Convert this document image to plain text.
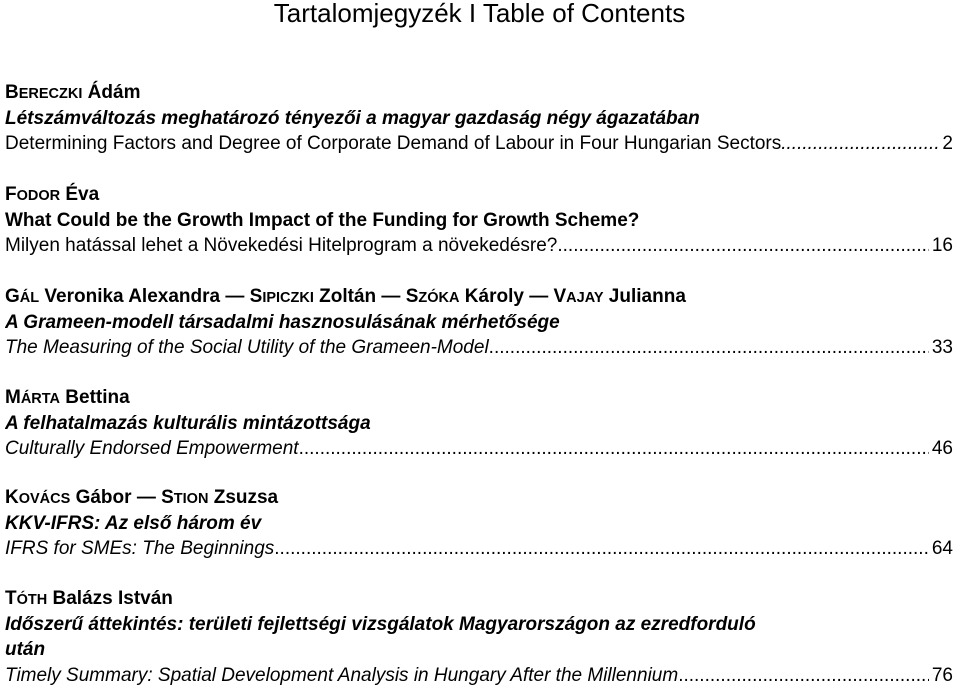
Tartalomjegyzék I Table of Contents
BERECZKI Ádám
Létszámváltozás meghatározó tényezői a magyar gazdaság négy ágazatában
Determining Factors and Degree of Corporate Demand of Labour in Four Hungarian Sectors .....	2
FODOR Éva
What Could be the Growth Impact of the Funding for Growth Scheme?
Milyen hatással lehet a Növekedési Hitelprogram a növekedésre? .....	16
GÁL Veronika Alexandra — SIPICZKI Zoltán — SZÓKA Károly — VAJAY Julianna
A Grameen-modell társadalmi hasznosulásának mérhetősége
The Measuring of the Social Utility of the Grameen-Model .....	33
MÁRTA Bettina
A felhatalmazás kulturális mintázottsága
Culturally Endorsed Empowerment .....	46
KOVÁCS Gábor — STION Zsuzsa
KKV-IFRS: Az első három év
IFRS for SMEs: The Beginnings .....	64
TÓTH Balázs István
Időszerű áttekintés: területi fejlettségi vizsgálatok Magyarországon az ezredforduló
után
Timely Summary: Spatial Development Analysis in Hungary After the Millennium .....	76
